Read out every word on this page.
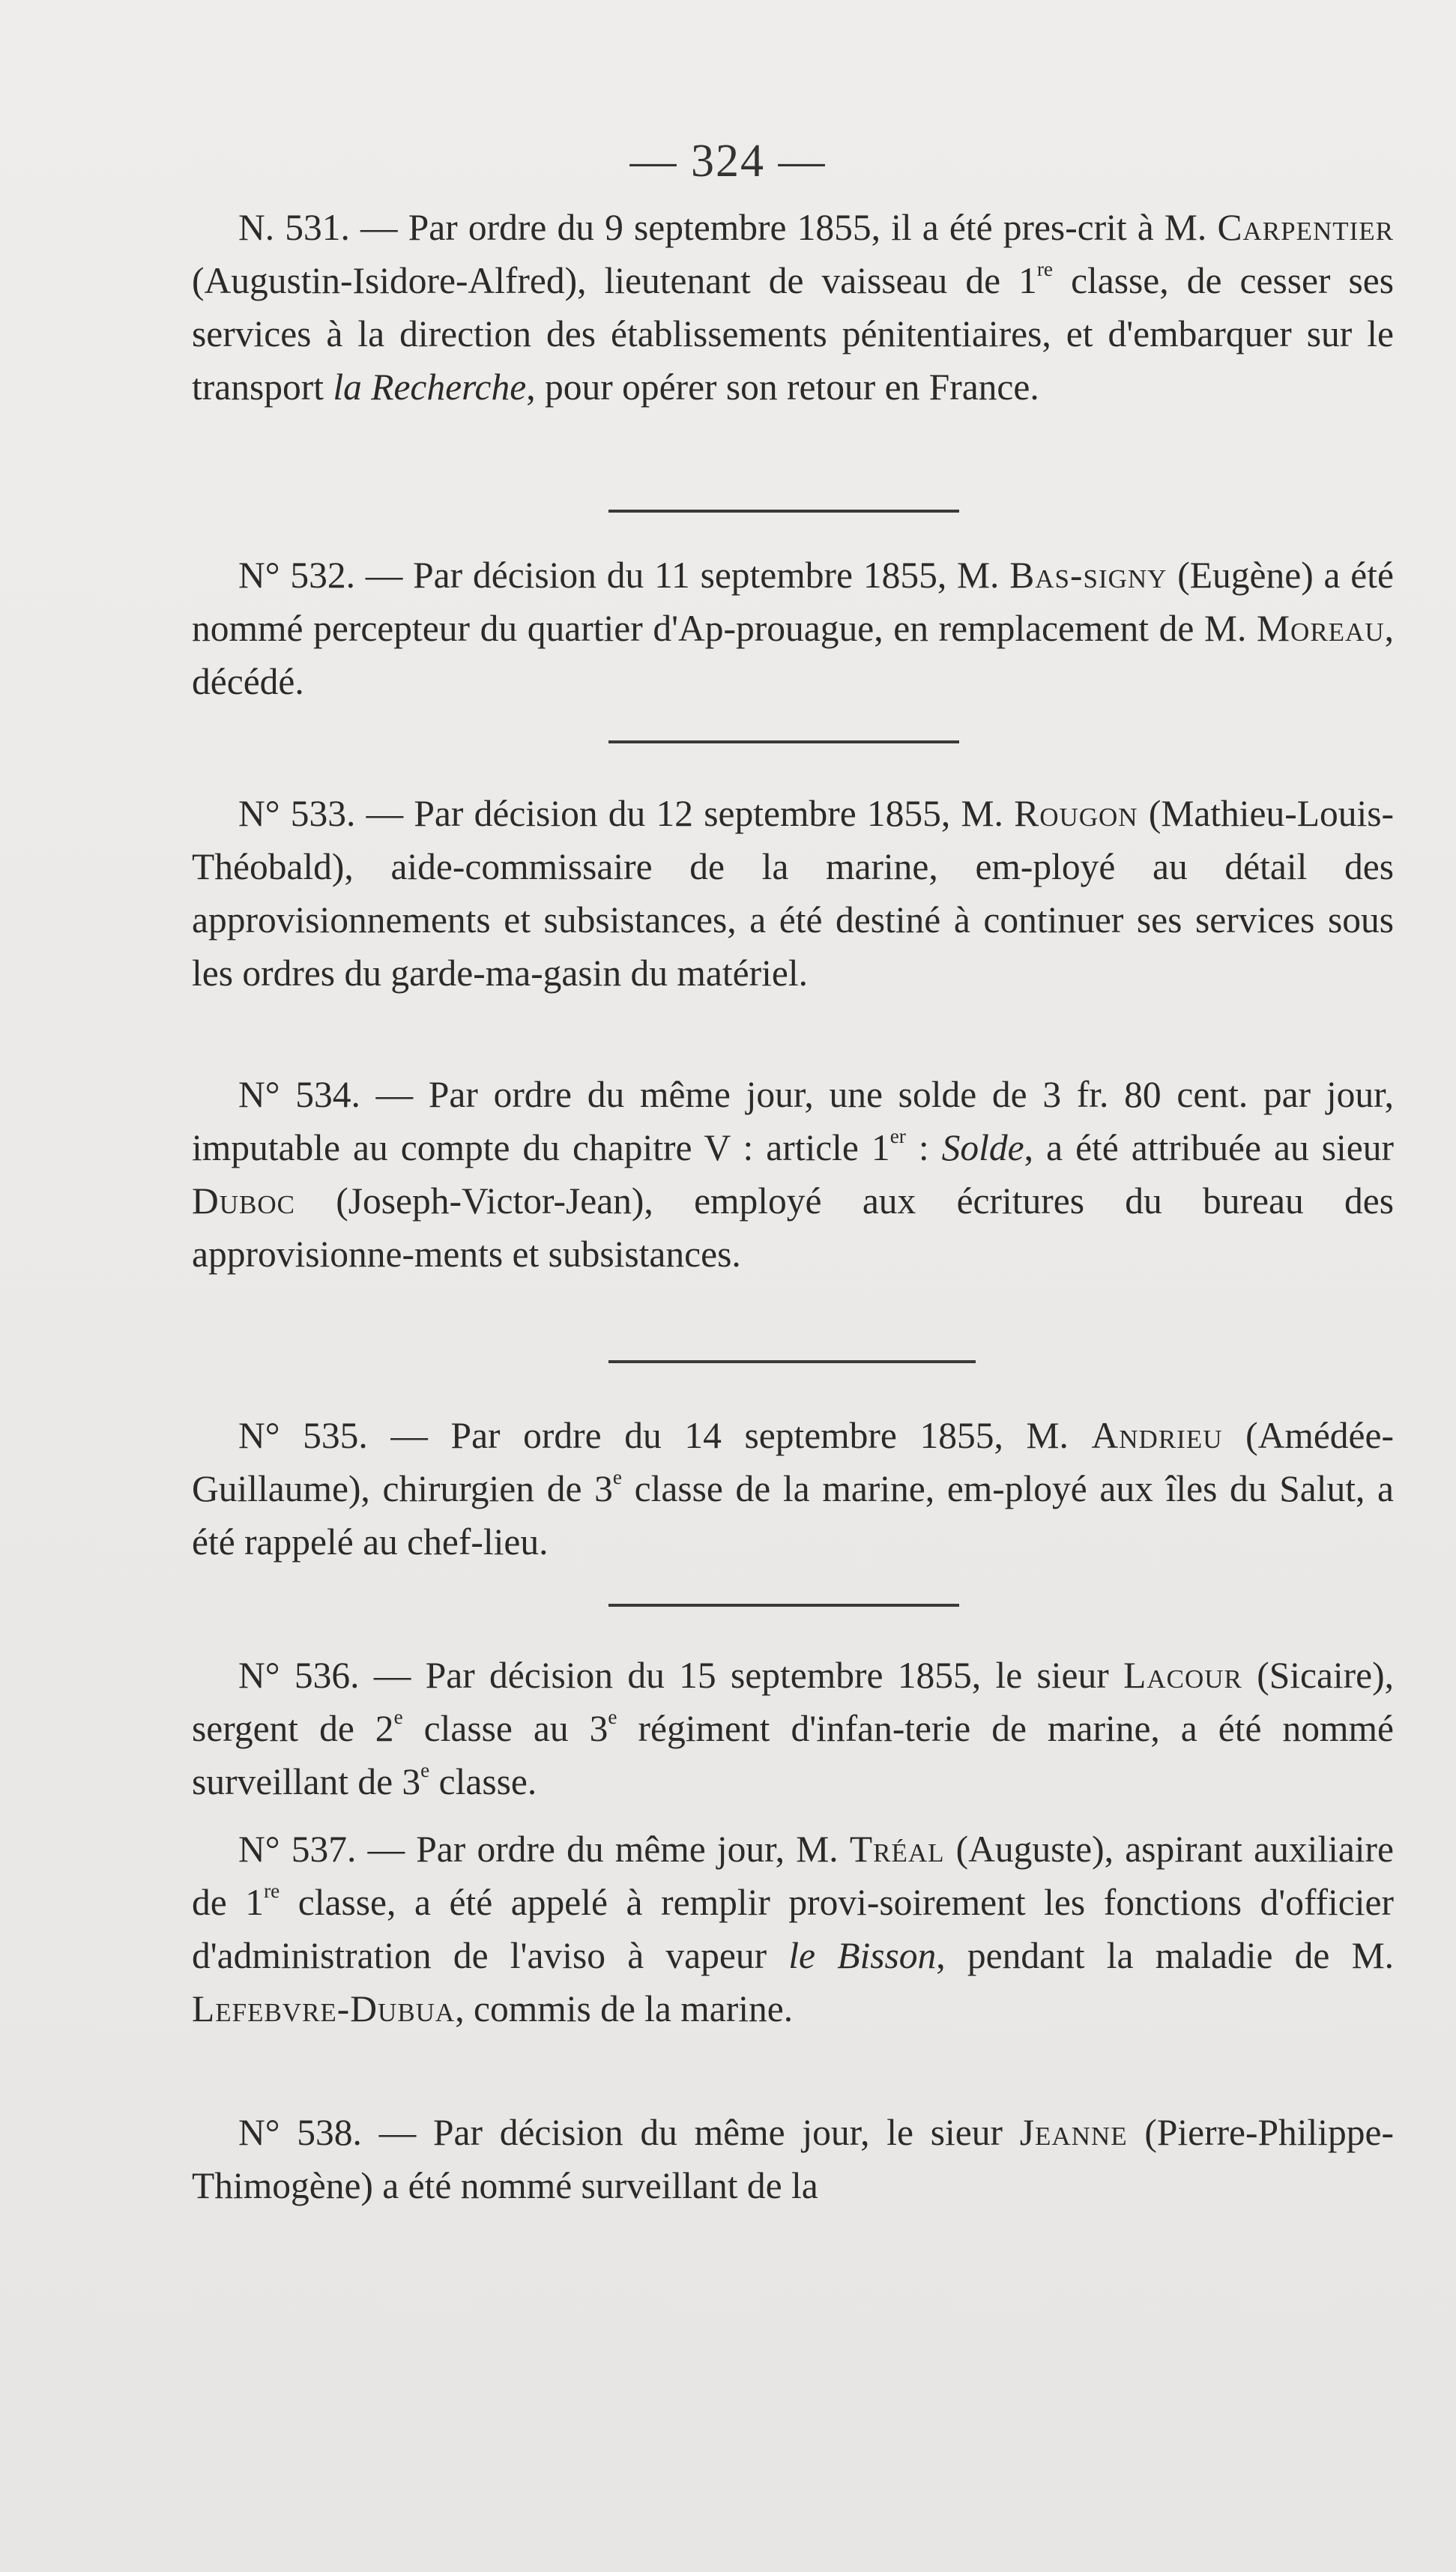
— 324 —

N. 531. — Par ordre du 9 septembre 1855, il a été pres-crit à M. Carpentier (Augustin-Isidore-Alfred), lieutenant de vaisseau de 1re classe, de cesser ses services à la direction des établissements pénitentiaires, et d'embarquer sur le transport la Recherche, pour opérer son retour en France.

N° 532. — Par décision du 11 septembre 1855, M. Bas-signy (Eugène) a été nommé percepteur du quartier d'Ap-prouague, en remplacement de M. Moreau, décédé.

N° 533. — Par décision du 12 septembre 1855, M. Rougon (Mathieu-Louis-Théobald), aide-commissaire de la marine, em-ployé au détail des approvisionnements et subsistances, a été destiné à continuer ses services sous les ordres du garde-ma-gasin du matériel.

N° 534. — Par ordre du même jour, une solde de 3 fr. 80 cent. par jour, imputable au compte du chapitre V : article 1er : Solde, a été attribuée au sieur Duboc (Joseph-Victor-Jean), employé aux écritures du bureau des approvisionne-ments et subsistances.

N° 535. — Par ordre du 14 septembre 1855, M. Andrieu (Amédée-Guillaume), chirurgien de 3e classe de la marine, em-ployé aux îles du Salut, a été rappelé au chef-lieu.

N° 536. — Par décision du 15 septembre 1855, le sieur Lacour (Sicaire), sergent de 2e classe au 3e régiment d'infan-terie de marine, a été nommé surveillant de 3e classe.

N° 537. — Par ordre du même jour, M. Tréal (Auguste), aspirant auxiliaire de 1re classe, a été appelé à remplir provi-soirement les fonctions d'officier d'administration de l'aviso à vapeur le Bisson, pendant la maladie de M. Lefebvre-Dubua, commis de la marine.

N° 538. — Par décision du même jour, le sieur Jeanne (Pierre-Philippe-Thimogène) a été nommé surveillant de la
